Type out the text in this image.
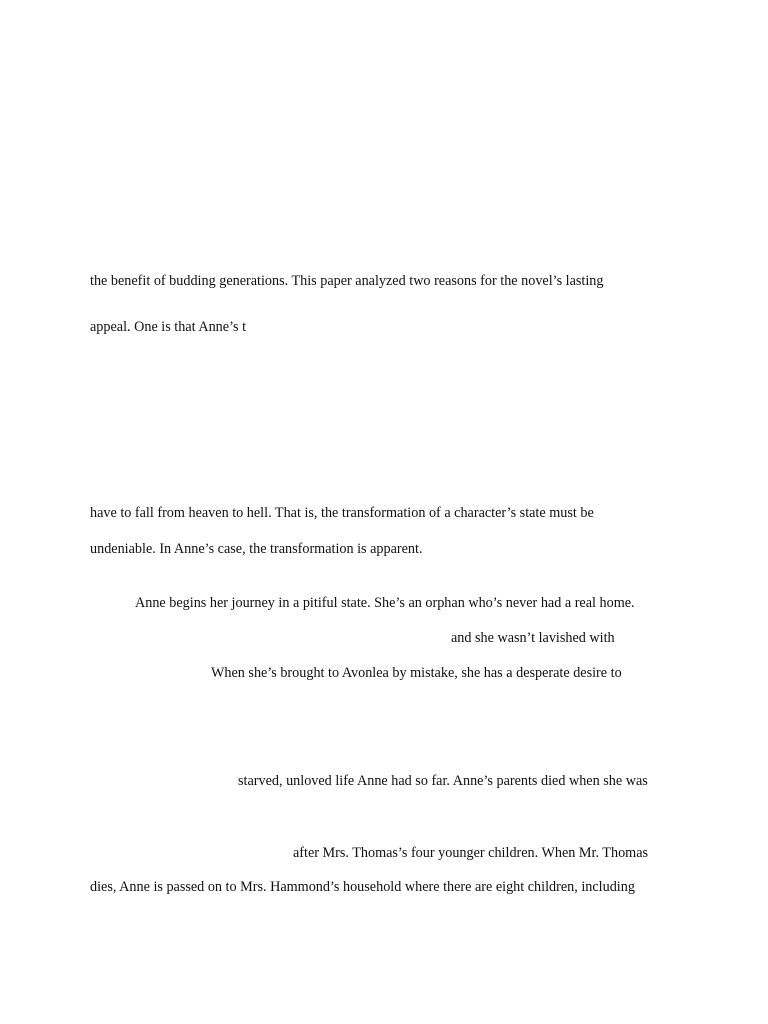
the benefit of budding generations. This paper analyzed two reasons for the novel’s lasting
appeal. One is that Anne’s t
have to fall from heaven to hell. That is, the transformation of a character’s state must be
undeniable. In Anne’s case, the transformation is apparent.
Anne begins her journey in a pitiful state. She’s an orphan who’s never had a real home.
and she wasn’t lavished with
When she’s brought to Avonlea by mistake, she has a desperate desire to
starved, unloved life Anne had so far. Anne’s parents died when she was
after Mrs. Thomas’s four younger children. When Mr. Thomas
dies, Anne is passed on to Mrs. Hammond’s household where there are eight children, including
